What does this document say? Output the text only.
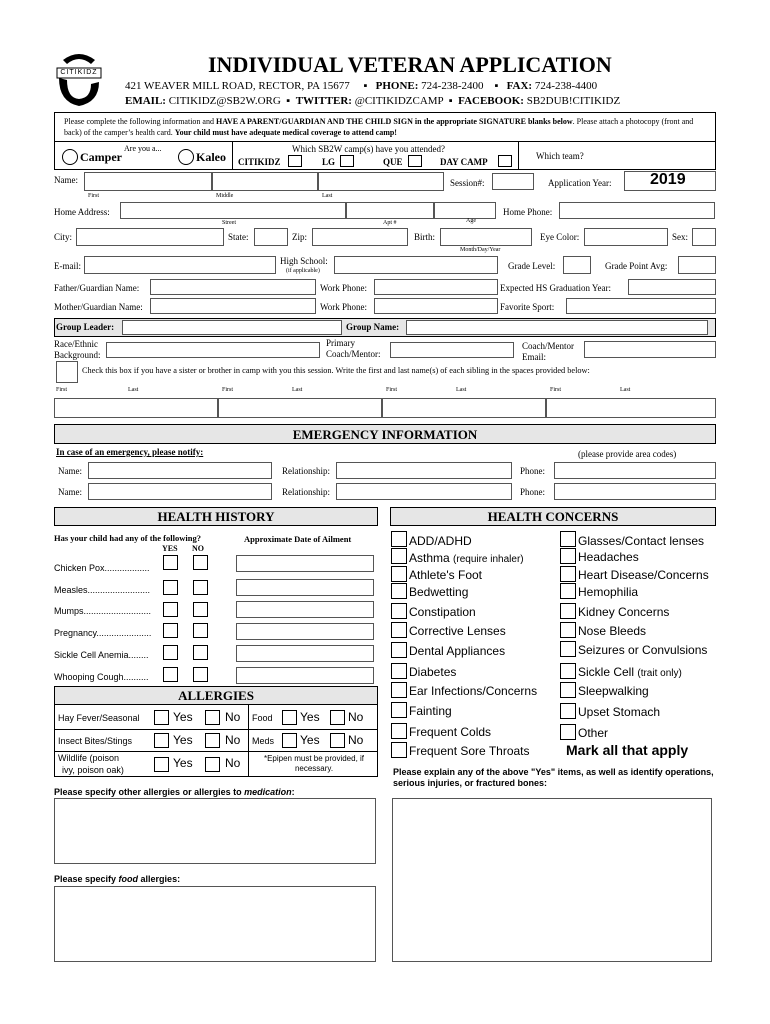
CITIKIDZ	INDIVIDUAL VETERAN APPLICATION
421 WEAVER MILL ROAD, RECTOR, PA 15677 ▪ PHONE: 724-238-2400 ▪ FAX: 724-238-4400
EMAIL: CITIKIDZ@SB2W.ORG ▪ TWITTER: @CITIKIDZCAMP ▪ FACEBOOK: SB2DUB!CITIKIDZ
Please complete the following information and HAVE A PARENT/GUARDIAN AND THE CHILD SIGN in the appropriate SIGNATURE blanks below. Please attach a photocopy (front and back) of the camper’s health card. Your child must have adequate medical coverage to attend camp!
Are you a...
Camper	Kaleo
Which SB2W camp(s) have you attended?
CITIKIDZ	LG	QUE	DAY CAMP
Which team?
Name:
First	Middle	Last
Session#:	Application Year: 2019
Home Address:
Street	Apt #	Age
Home Phone:
City:	State:	Zip:	Birth:
Month/Day/Year
Eye Color:	Sex:
E-mail:	High School:
(if applicable)	Grade Level:	Grade Point Avg:
Father/Guardian Name:	Work Phone:	Expected HS Graduation Year:
Mother/Guardian Name:	Work Phone:	Favorite Sport:
Group Leader:	Group Name:
Race/Ethnic
Background:
Primary
Coach/Mentor:
Coach/Mentor
Email:
Check this box if you have a sister or brother in camp with you this session. Write the first and last name(s) of each sibling in the spaces provided below:
First	Last	First	Last	First	Last	First	Last
EMERGENCY INFORMATION
In case of an emergency, please notify:	(please provide area codes)
Name:	Relationship:	Phone:
Name:	Relationship:	Phone:
HEALTH HISTORY
Has your child had any of the following?
YES NO
Approximate Date of Ailment
Chicken Pox..................
Measles.........................
Mumps...........................
Pregnancy......................
Sickle Cell Anemia........
Whooping Cough..........
ALLERGIES
Hay Fever/Seasonal	Yes	No Food Yes No
Insect Bites/Stings	Yes	No Meds Yes No
Wildlife (poison
ivy, poison oak)	Yes	No	*Epipen must be provided, if necessary.
Please specify other allergies or allergies to medication:
Please specify food allergies:
HEALTH CONCERNS
ADD/ADHD
Asthma (require inhaler)
Athlete's Foot
Bedwetting
Constipation
Corrective Lenses
Dental Appliances
Diabetes
Ear Infections/Concerns
Fainting
Frequent Colds
Frequent Sore Throats
Glasses/Contact lenses
Headaches
Heart Disease/Concerns
Hemophilia
Kidney Concerns
Nose Bleeds
Seizures or Convulsions
Sickle Cell (trait only)
Sleepwalking
Upset Stomach
Other
Mark all that apply
Please explain any of the above "Yes" items, as well as identify operations, serious injuries, or fractured bones:
